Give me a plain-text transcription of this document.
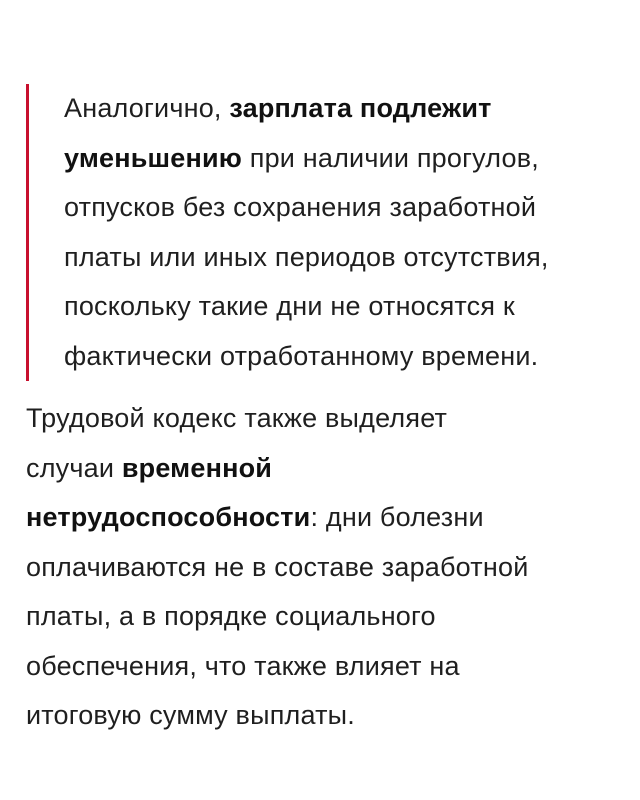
Аналогично, зарплата подлежит
уменьшению при наличии прогулов,
отпусков без сохранения заработной
платы или иных периодов отсутствия,
поскольку такие дни не относятся к
фактически отработанному времени.

Трудовой кодекс также выделяет
случаи временной
нетрудоспособности: дни болезни
оплачиваются не в составе заработной
платы, а в порядке социального
обеспечения, что также влияет на
итоговую сумму выплаты.
